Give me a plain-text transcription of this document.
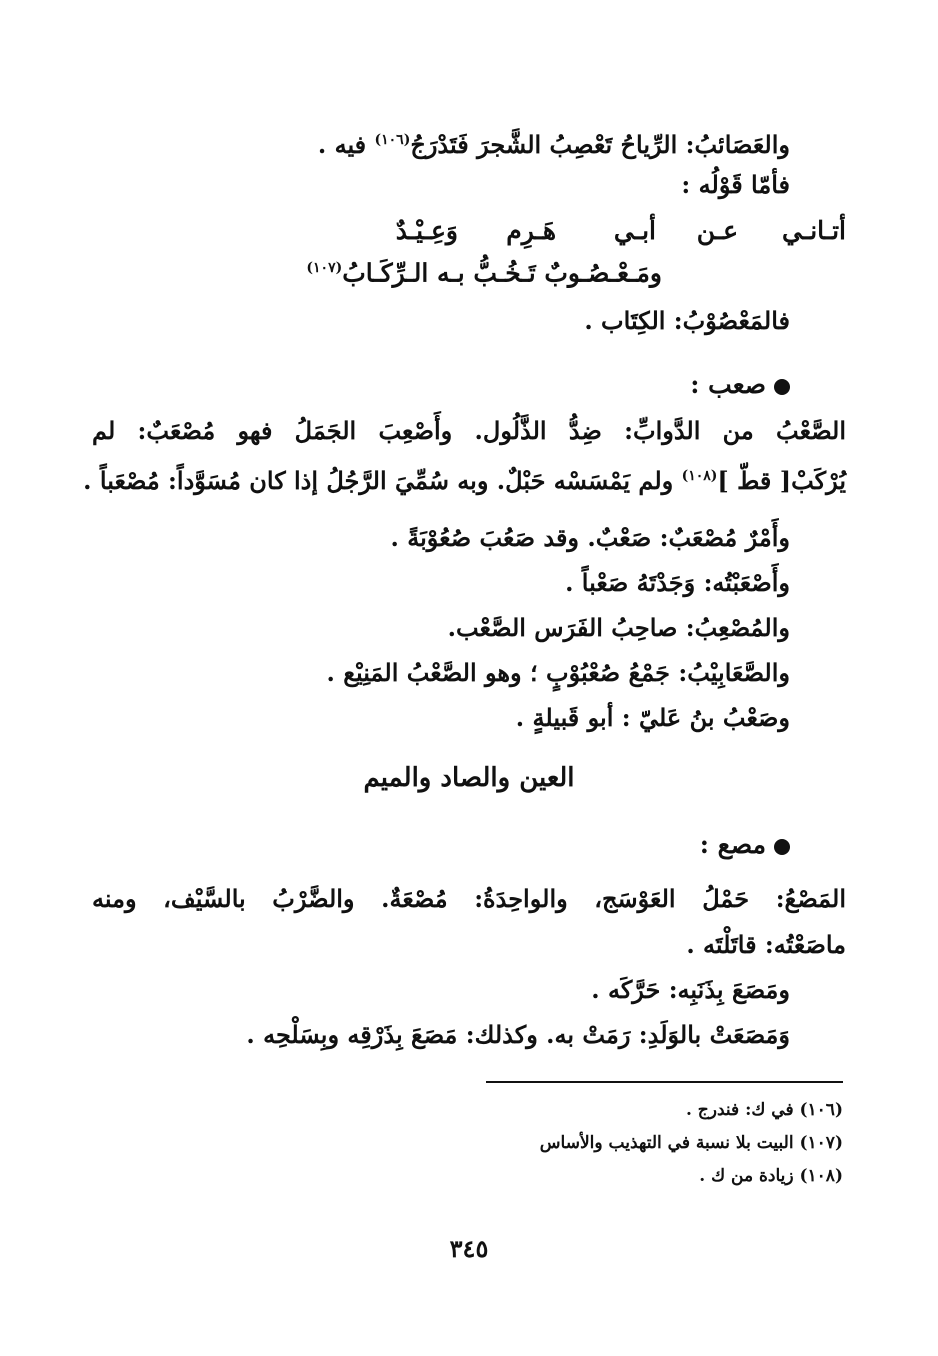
والعَصَائبُ: الرِّياحُ تَعْصِبُ الشَّجرَ فَتَدْرَجُ$^{(١٠٦)}$ فيه .
فأمّا قَوْلُه :
أتـانـي
عـن
أبـي
هَـرِم
وَعِـيْـدٌ
ومَـعْـصُـوبٌ تَـخُـبُّ بـه الـرِّكَـابُ$^{(١٠٧)}$
فالمَعْصُوْبُ: الكِتَاب .
صعب :
الصَّعْبُ من الدَّوابِّ: ضِدُّ الذَّلُول. وأَصْعِبَ الجَمَلُ فهو مُصْعَبٌ: لم
يُرْكَبْ[ قطّ ]$^{(١٠٨)}$ ولم يَمْسَسْه حَبْلٌ. وبه سُمِّيَ الرَّجُلُ إذا كان مُسَوَّداً: مُصْعَباً .
وأَمْرٌ مُصْعَبٌ: صَعْبٌ. وقد صَعُبَ صُعُوْبَةً .
وأَصْعَبْتُه: وَجَدْتَهُ صَعْباً .
والمُصْعِبُ: صاحِبُ الفَرَس الصَّعْب.
والصَّعَابِيْبُ: جَمْعُ صُعْبُوْبٍ ؛ وهو الصَّعْبُ المَنِيْع .
وصَعْبُ بنُ عَليّ : أبو قَبيلةٍ .
العين والصاد والميم
مصع :
المَصْعُ: حَمْلُ العَوْسَج، والواحِدَةُ: مُصْعَةٌ. والضَّرْبُ بالسَّيْف، ومنه
ماصَعْتُه: قاتَلْتَه .
ومَصَعَ بِذَنَبِه: حَرَّكَه .
وَمَصَعَتْ بالوَلَدِ: رَمَتْ به. وكذلك: مَصَعَ بِذَرْقِه وبِسَلْحِه .
(١٠٦) في ك: فندرج .
(١٠٧) البيت بلا نسبة في التهذيب والأساس
(١٠٨) زيادة من ك .
٣٤٥
